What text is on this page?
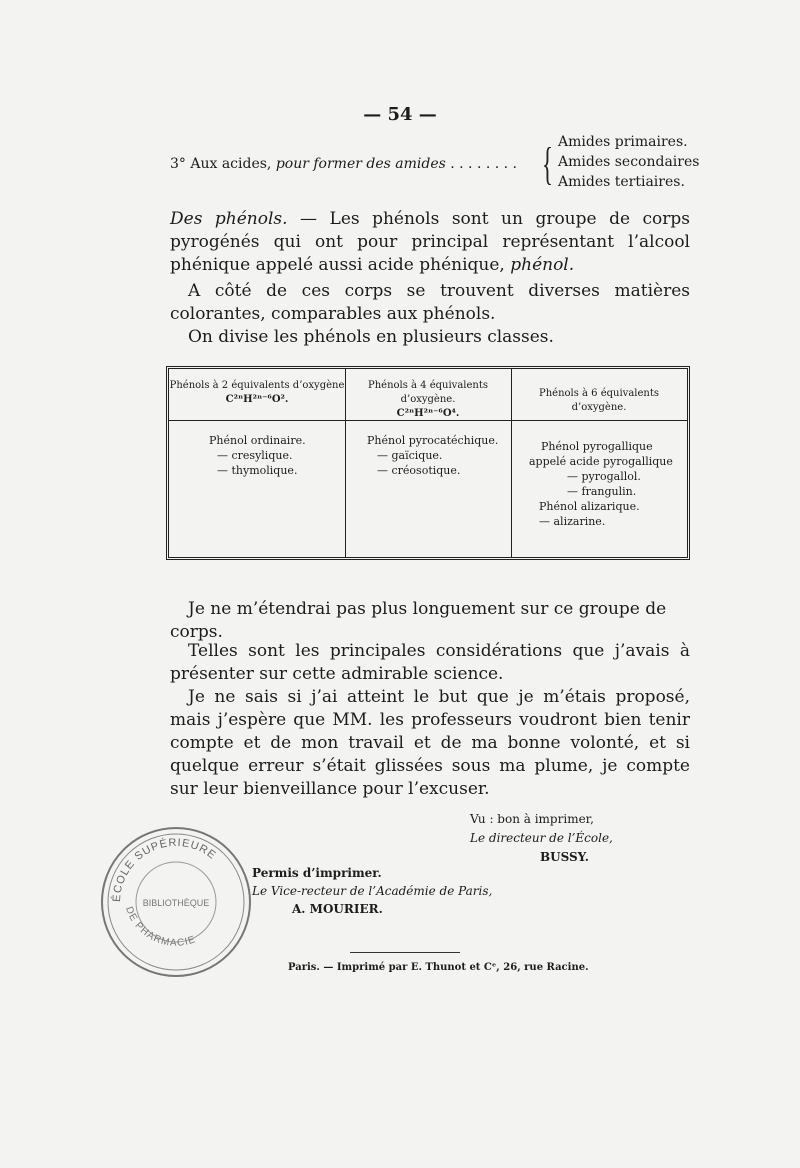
— 54 —
3° Aux acides, pour former des amides . . . . . . . . { Amides primaires.
Amides secondaires
Amides tertiaires.
Des phénols. — Les phénols sont un groupe de corps pyrogénés qui ont pour principal représentant l’alcool phénique appelé aussi acide phénique, phénol.
A côté de ces corps se trouvent diverses matières colorantes, comparables aux phénols.
On divise les phénols en plusieurs classes.
Phénols à 2 équivalents d’oxygène
C²ⁿH²ⁿ⁻⁶O².
Phénol ordinaire.
— cresylique.
— thymolique.
Phénols à 4 équivalents d’oxygène.
C²ⁿH²ⁿ⁻⁶O⁴.
Phénol pyrocatéchique.
— gaïcique.
— créosotique.
Phénols à 6 équivalents d’oxygène.
Phénol pyrogallique
appelé acide pyrogallique
— pyrogallol.
— frangulin.
Phénol alizarique.
— alizarine.
Je ne m’étendrai pas plus longuement sur ce groupe de corps.
Telles sont les principales considérations que j’avais à présenter sur cette admirable science.
Je ne sais si j’ai atteint le but que je m’étais proposé, mais j’espère que MM. les professeurs voudront bien tenir compte et de mon travail et de ma bonne volonté, et si quelque erreur s’était glissées sous ma plume, je compte sur leur bienveillance pour l’excuser.
Vu : bon à imprimer,
Le directeur de l’École,
BUSSY.
Permis d’imprimer.
Le Vice-recteur de l’Académie de Paris,
A. MOURIER.
Paris. — Imprimé par E. Thunot et Cᵉ, 26, rue Racine.
ÉCOLE SUPÉRIEURE
BIBLIOTHÈQUE
DE PHARMACIE
